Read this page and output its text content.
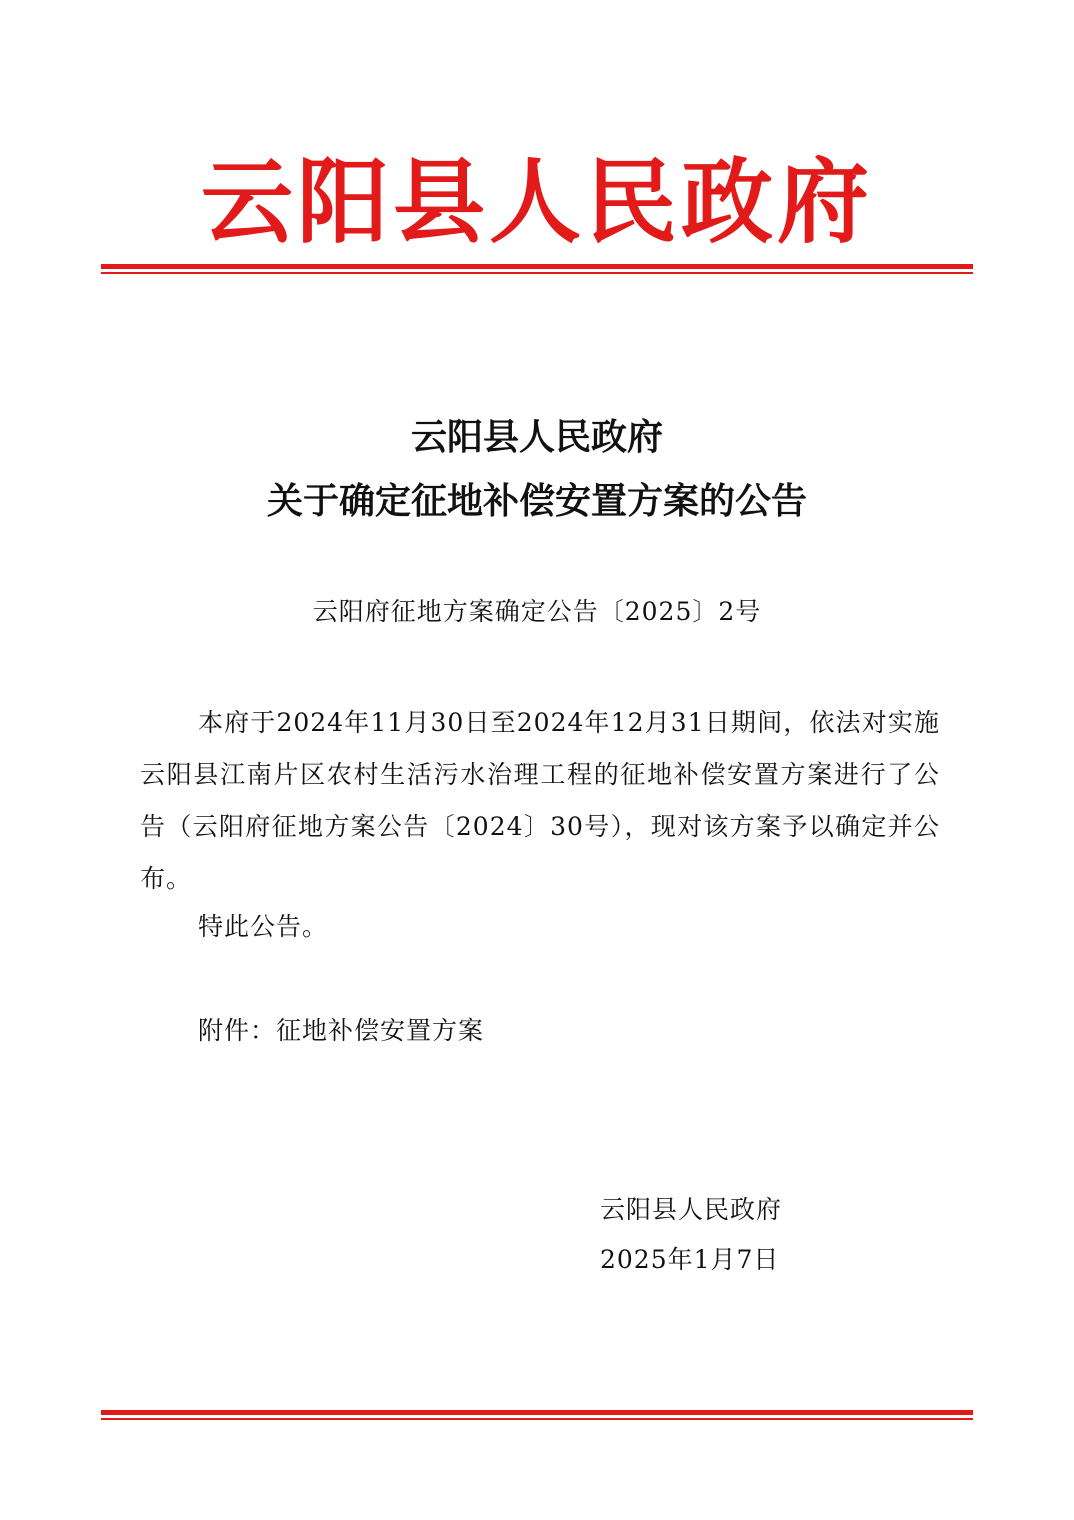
云阳县人民政府
云阳县人民政府
关于确定征地补偿安置方案的公告
云阳府征地方案确定公告〔2025〕2号

本府于2024年11月30日至2024年12月31日期间，依法对实施云阳县江南片区农村生活污水治理工程的征地补偿安置方案进行了公告（云阳府征地方案公告〔2024〕30号），现对该方案予以确定并公布。

特此公告。
附件：征地补偿安置方案
云阳县人民政府
2025年1月7日
